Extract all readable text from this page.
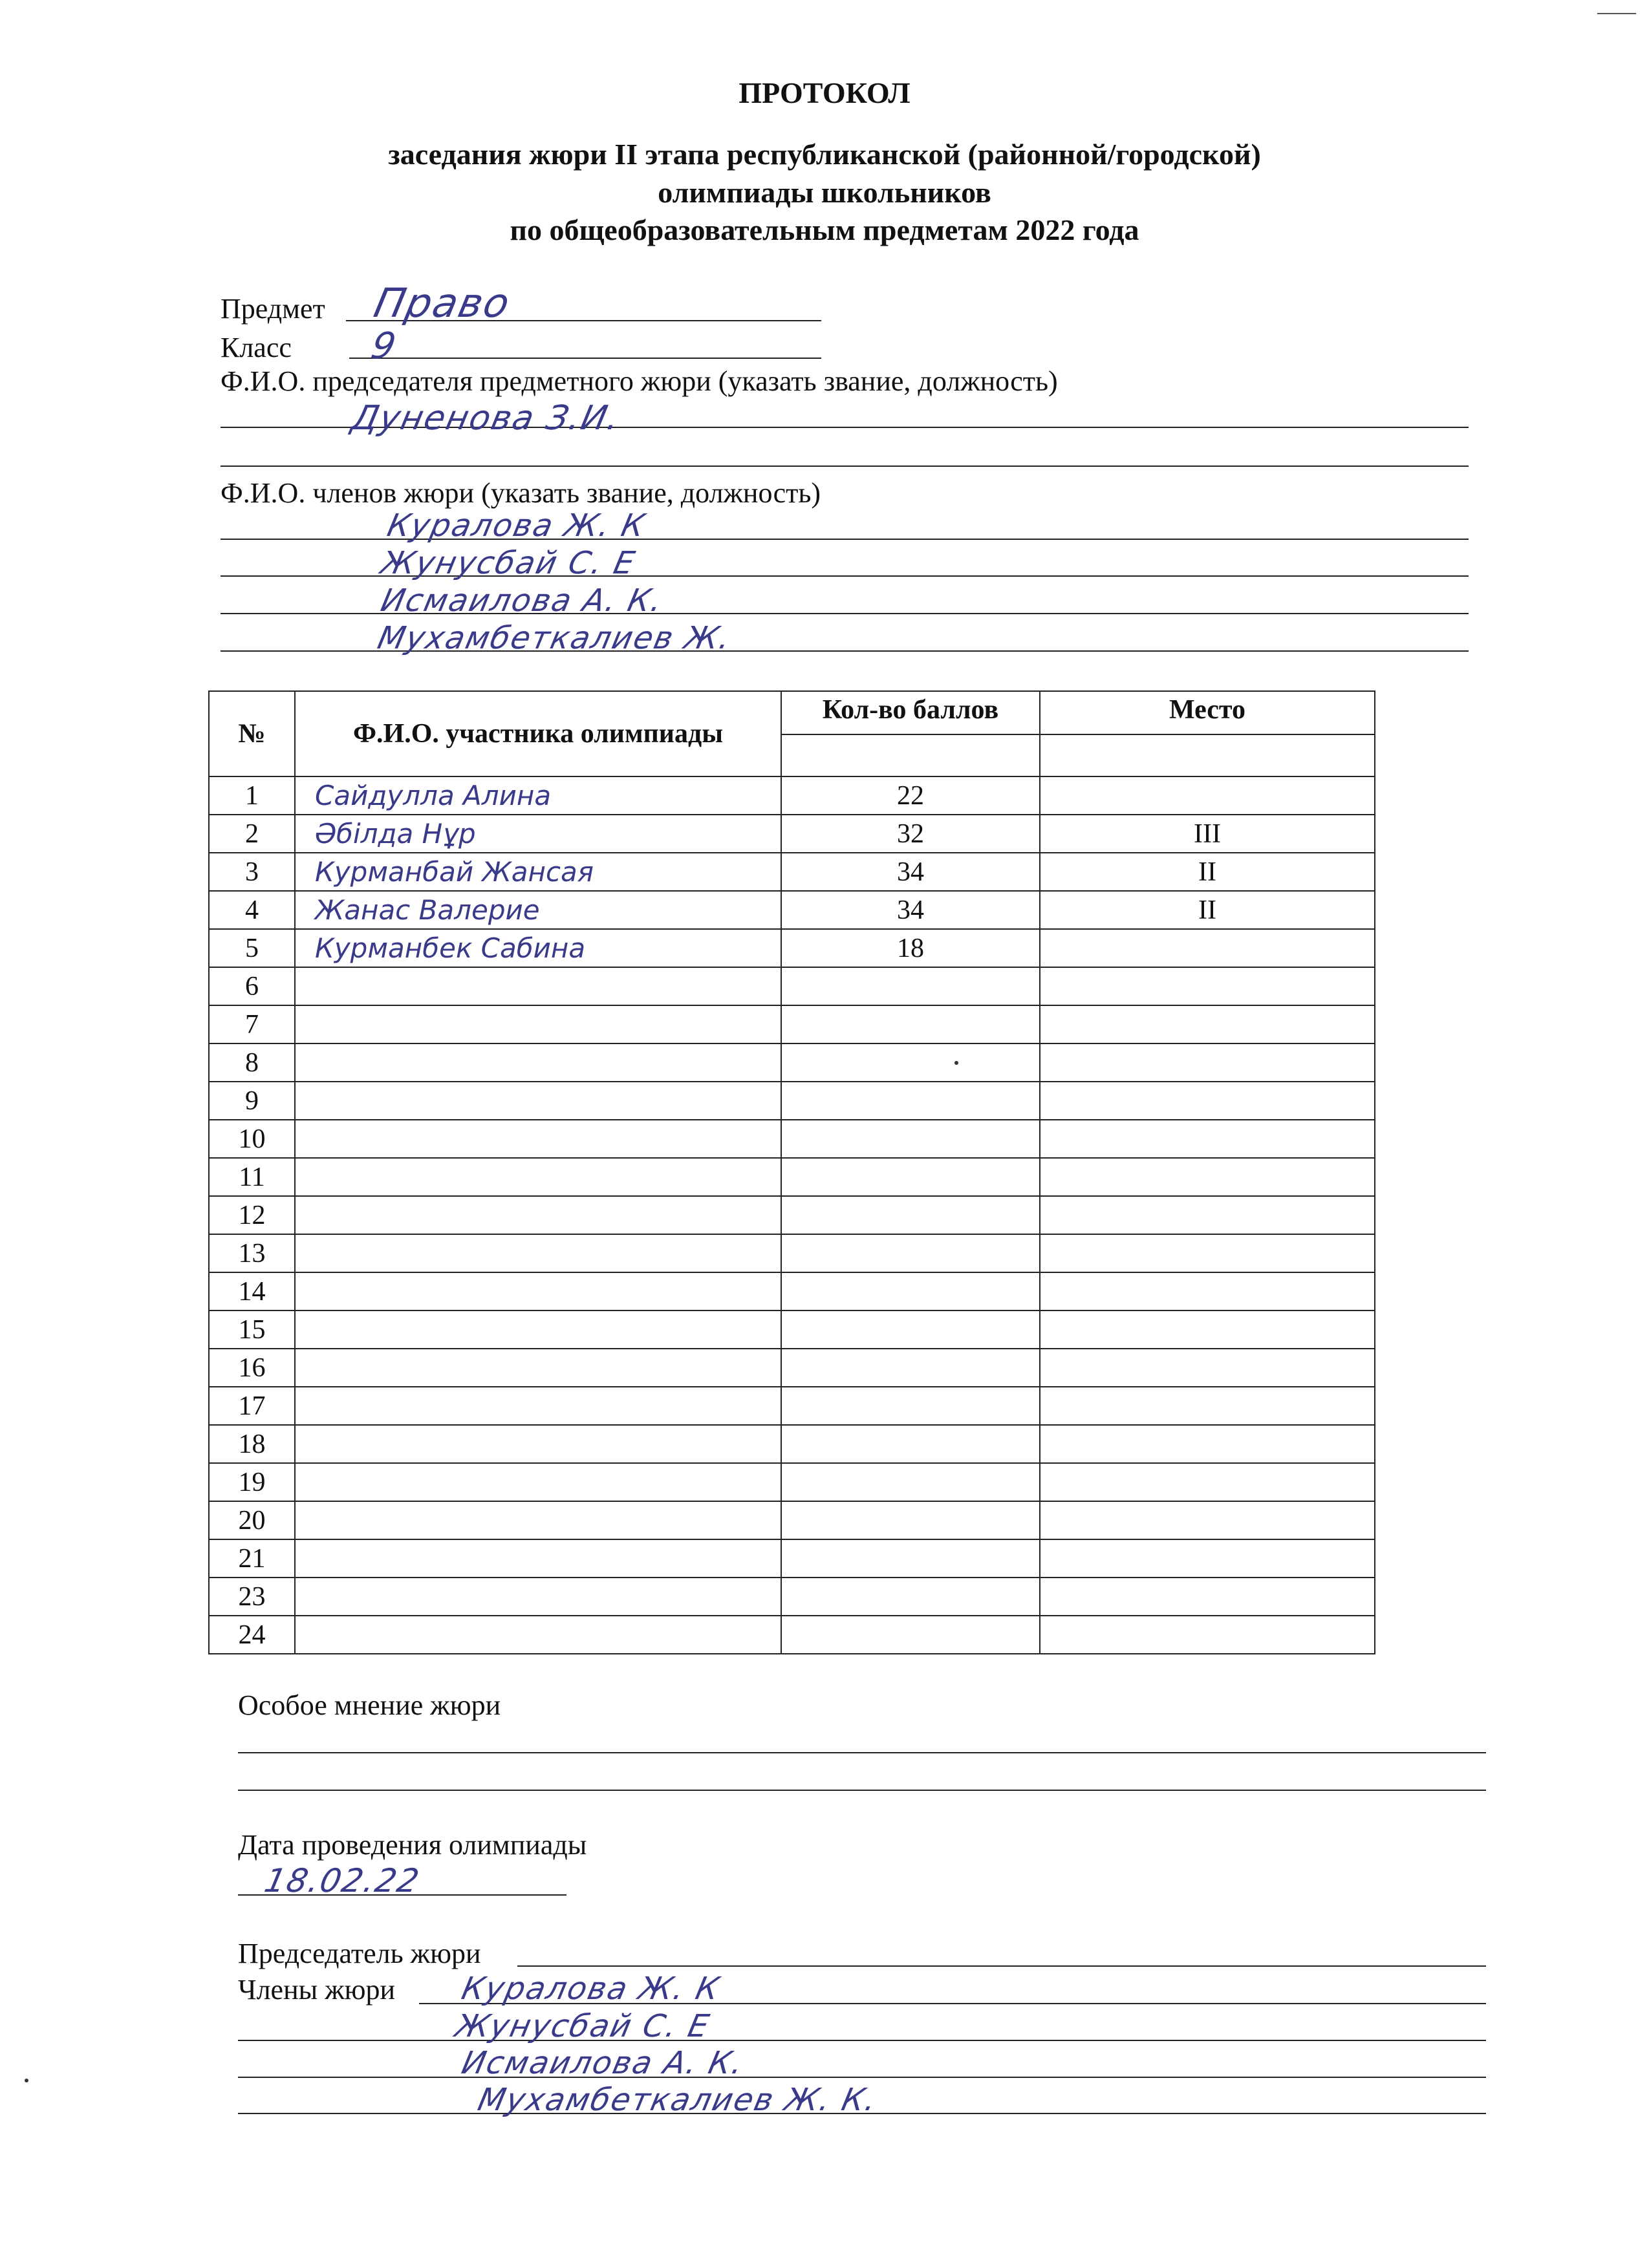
ПРОТОКОЛ
заседания жюри II этапа республиканской (районной/городской)
олимпиады школьников
по общеобразовательным предметам 2022 года
Предмет Право
Класс 9
Ф.И.О. председателя предметного жюри (указать звание, должность)
Дуненова З.И.
Ф.И.О. членов жюри (указать звание, должность)
Куралова Ж. К
Жунусбай С. Е
Исмаилова А. К.
Мухамбеткалиев Ж.
№	Ф.И.О. участника олимпиады	Кол-во баллов	Место

1	Сайдулла Алина	22	
2	Әбілда Нұр	32	III
3	Курманбай Жансая	34	II
4	Жанас Валерие	34	II
5	Курманбек Сабина	18	
6			
7			
8			
9			
10			
11			
12			
13			
14			
15			
16			
17			
18			
19			
20			
21			
23			
24			
Особое мнение жюри
Дата проведения олимпиады
18.02.22
Председатель жюри
Члены жюри Куралова Ж. К
Жунусбай С. Е
Исмаилова А. К.
Мухамбеткалиев Ж. К.
